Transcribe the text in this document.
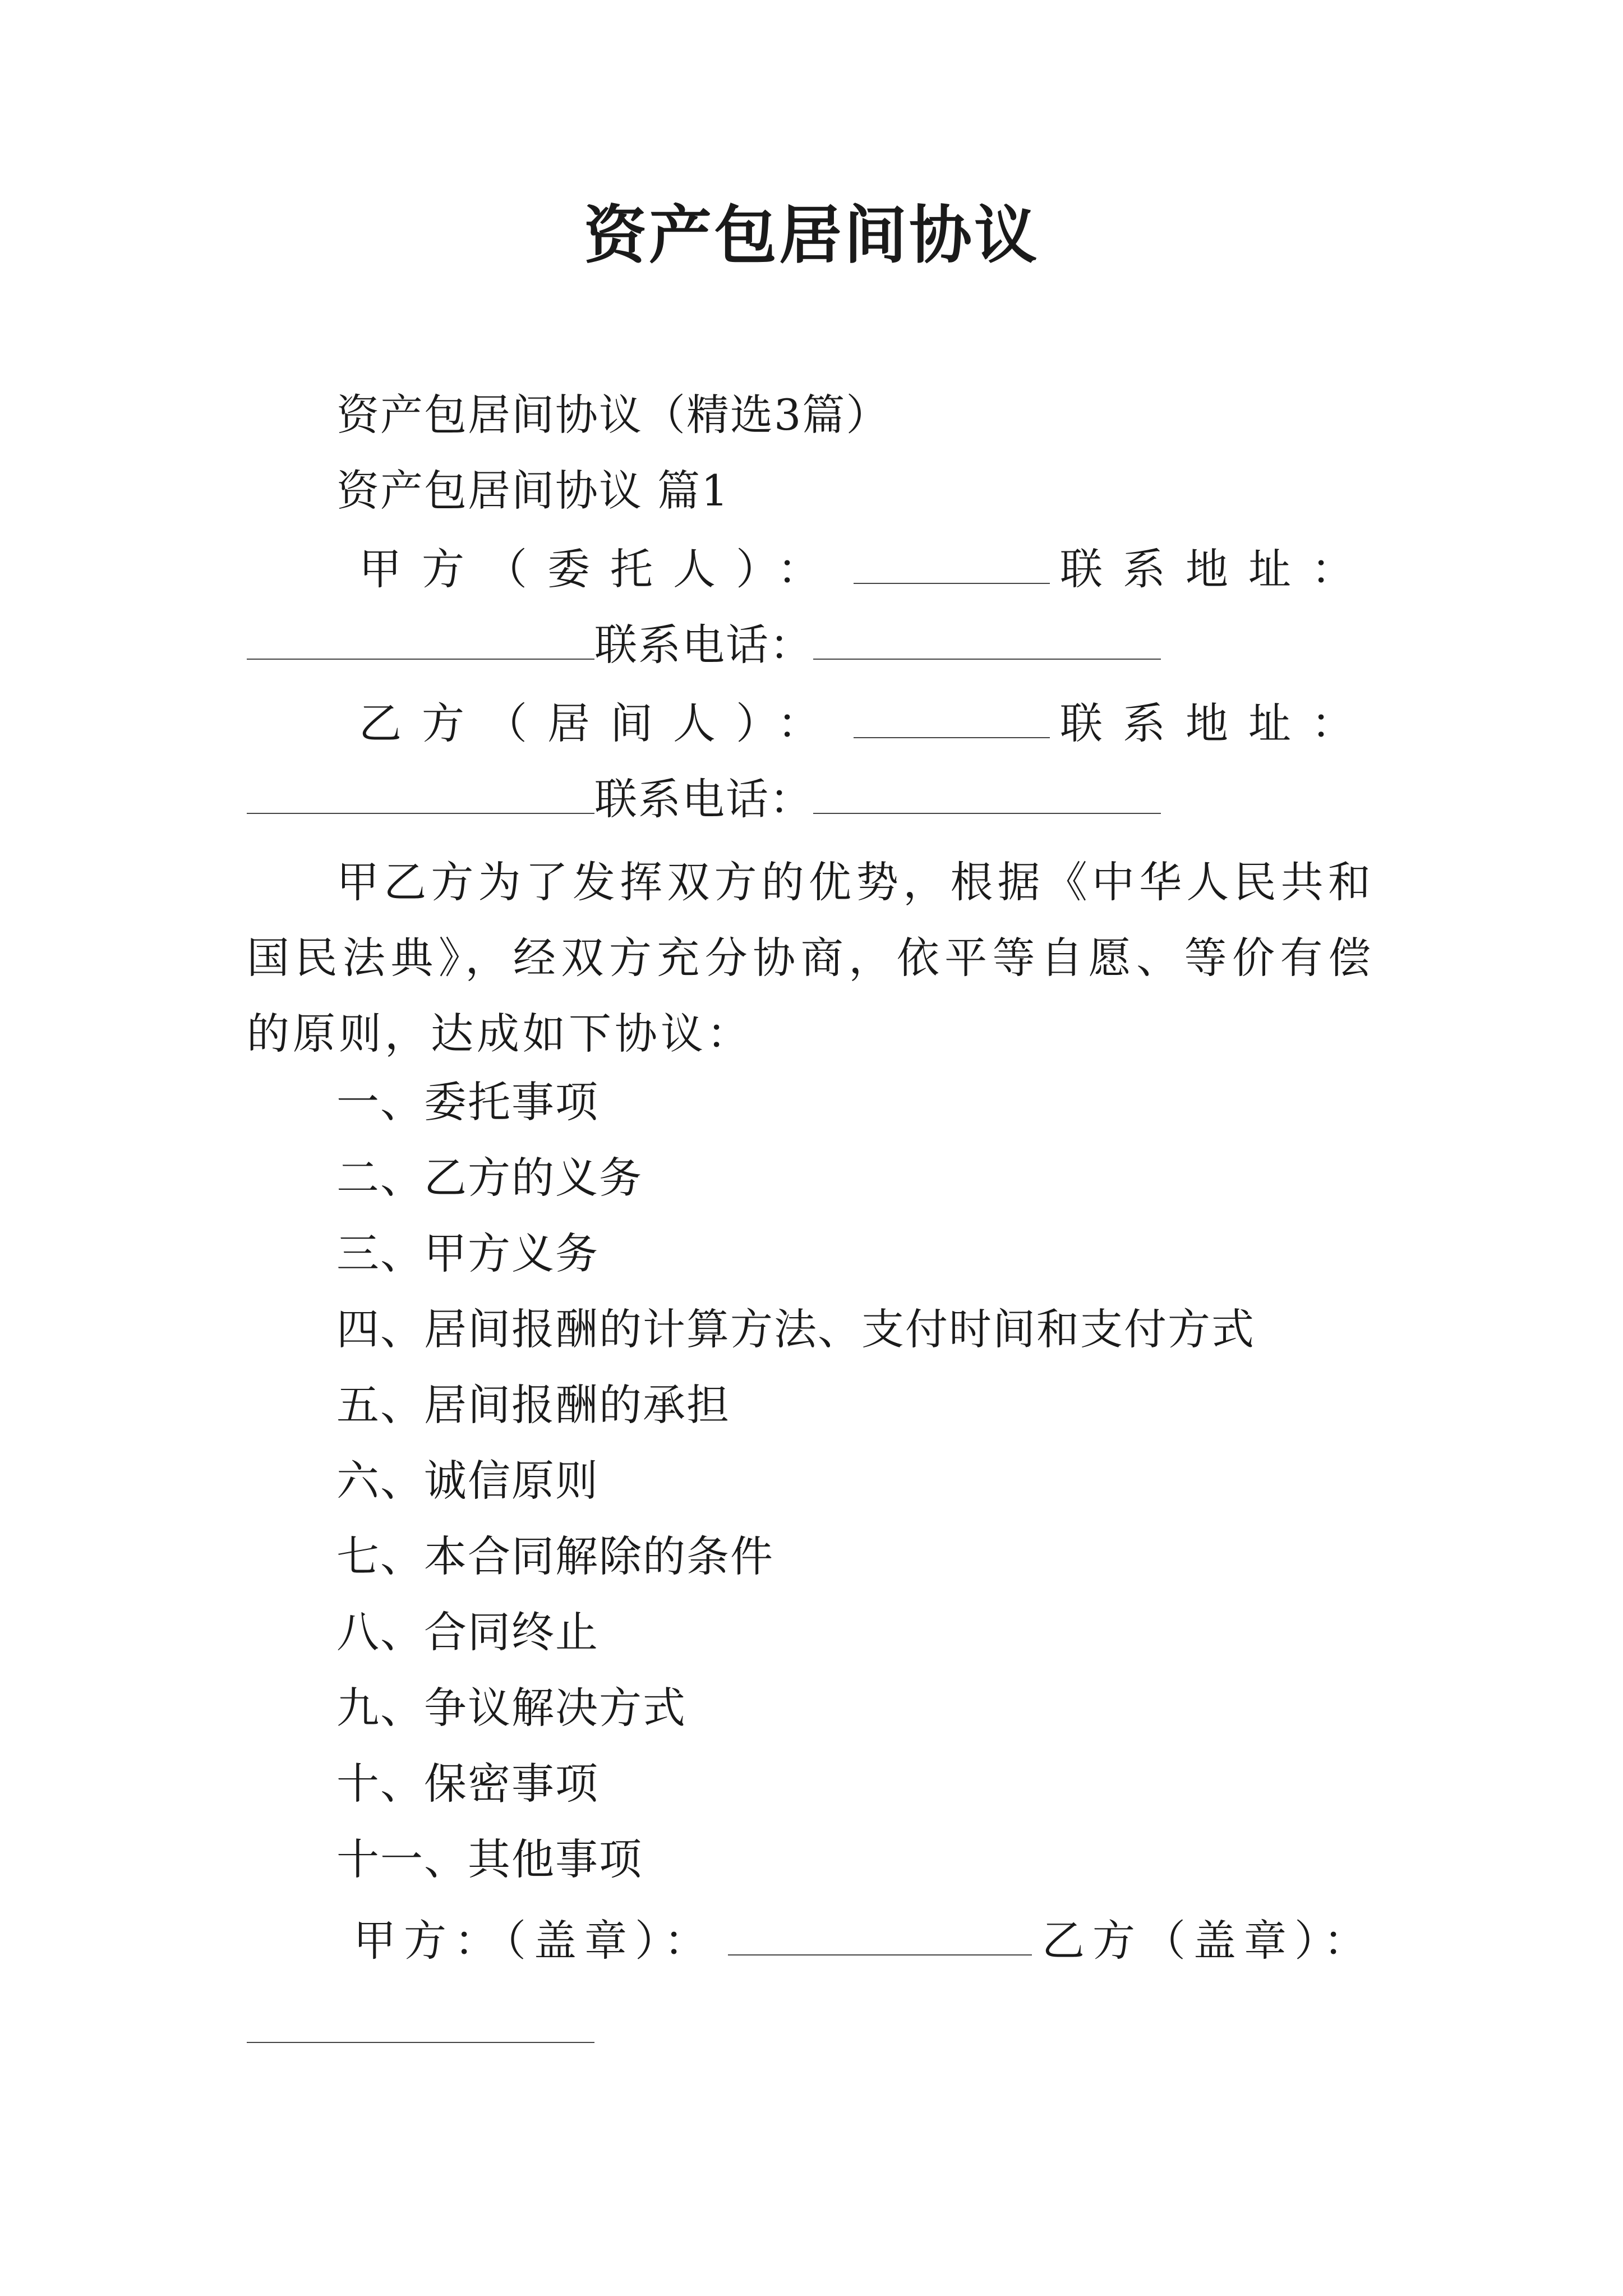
资产包居间协议
资产包居间协议（精选3篇）
资产包居间协议 篇1
甲方（委托人）：	联系地址：
联系电话：
乙方（居间人）：	联系地址：
联系电话：
甲乙方为了发挥双方的优势，根据《中华人民共和国民法典》，经双方充分协商，依平等自愿、等价有偿的原则，达成如下协议：
一、委托事项
二、乙方的义务
三、甲方义务
四、居间报酬的计算方法、支付时间和支付方式
五、居间报酬的承担
六、诚信原则
七、本合同解除的条件
八、合同终止
九、争议解决方式
十、保密事项
十一、其他事项
甲方：（盖章）：	乙方（盖章）：
